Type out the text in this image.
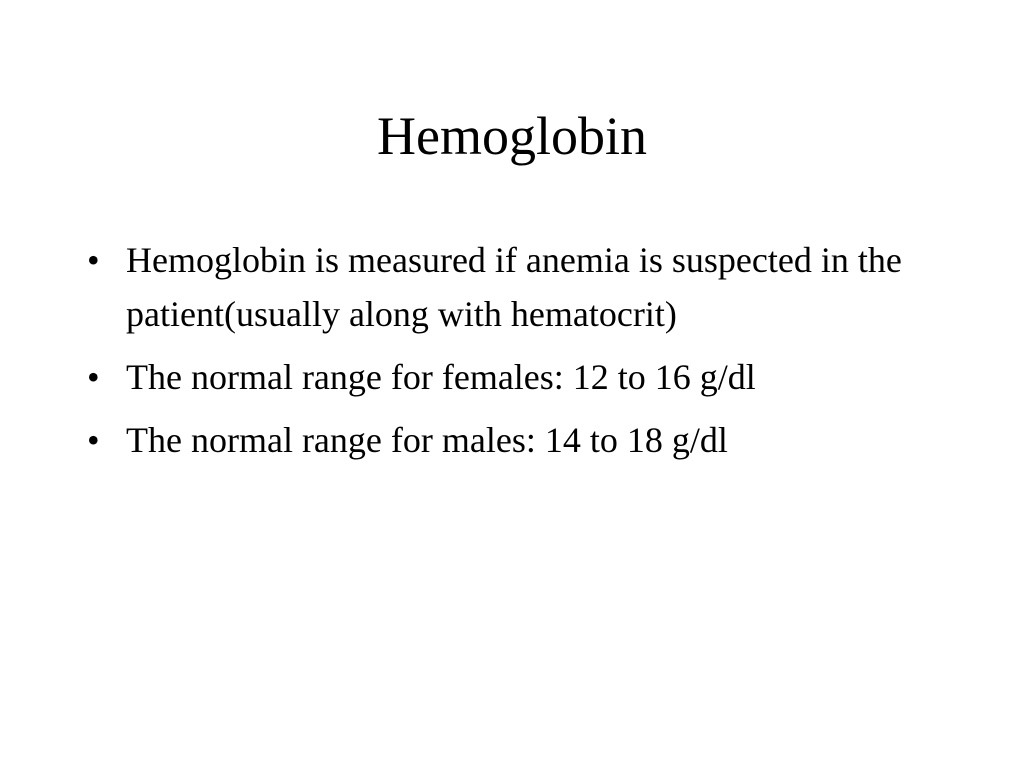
Hemoglobin
• Hemoglobin is measured if anemia is suspected in the patient(usually along with hematocrit)
• The normal range for females: 12 to 16 g/dl
• The normal range for males: 14 to 18 g/dl
